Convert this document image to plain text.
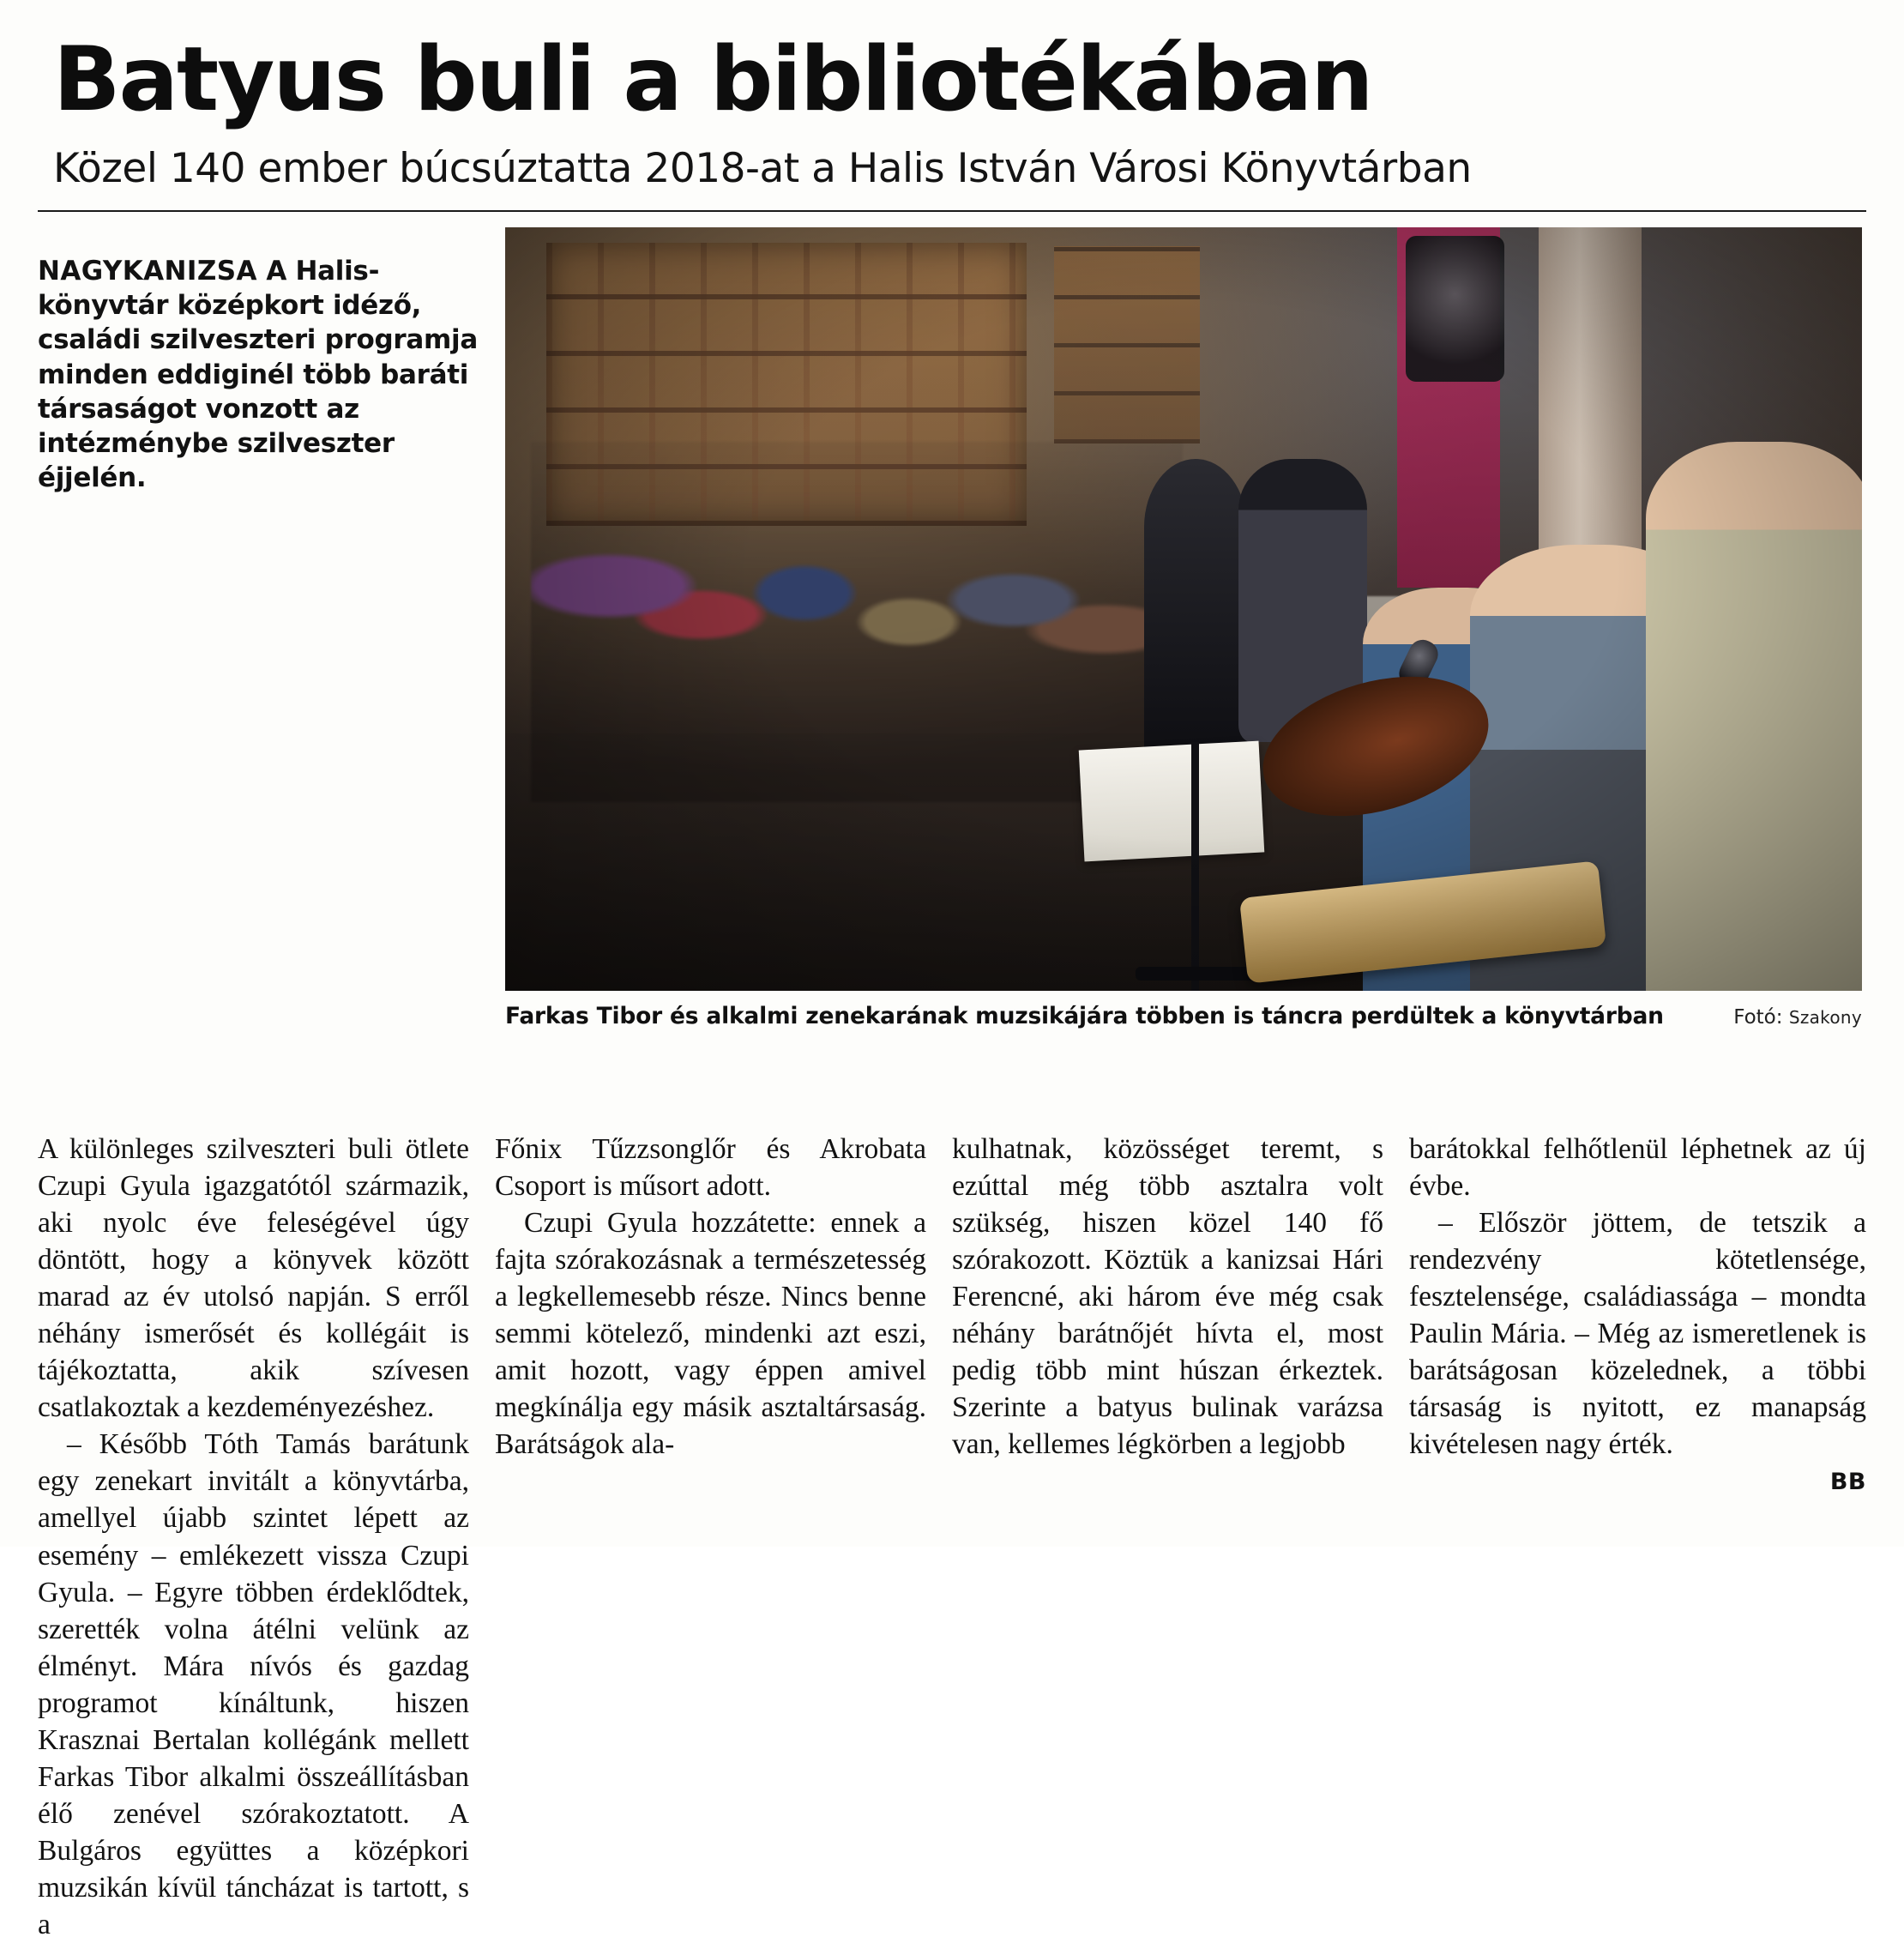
Batyus buli a bibliotékában
Közel 140 ember búcsúztatta 2018-at a Halis István Városi Könyvtárban

NAGYKANIZSA A Halis-könyvtár középkort idéző, családi szilveszteri programja minden eddiginél több baráti társaságot vonzott az intézménybe szilveszter éjjelén.

Farkas Tibor és alkalmi zenekarának muzsikájára többen is táncra perdültek a könyvtárban	Fotó: Szakony

A különleges szilveszteri buli ötlete Czupi Gyula igazgatótól származik, aki nyolc éve feleségével úgy döntött, hogy a könyvek között marad az év utolsó napján. S erről néhány ismerősét és kollégáit is tájékoztatta, akik szívesen csatlakoztak a kezdeményezéshez.

– Később Tóth Tamás barátunk egy zenekart invitált a könyvtárba, amellyel újabb szintet lépett az esemény – emlékezett vissza Czupi Gyula. – Egyre többen érdeklődtek, szerették volna átélni velünk az élményt. Mára nívós és gazdag programot kínáltunk, hiszen Krasznai Bertalan kollégánk mellett Farkas Tibor alkalmi összeállításban élő zenével szórakoztatott. A Bulgáros együttes a középkori muzsikán kívül táncházat is tartott, s a

Főnix Tűzzsonglőr és Akrobata Csoport is műsort adott.

Czupi Gyula hozzátette: ennek a fajta szórakozásnak a természetesség a legkellemesebb része. Nincs benne semmi kötelező, mindenki azt eszi, amit hozott, vagy éppen amivel megkínálja egy másik asztaltársaság. Barátságok ala-

kulhatnak, közösséget teremt, s ezúttal még több asztalra volt szükség, hiszen közel 140 fő szórakozott. Köztük a kanizsai Hári Ferencné, aki három éve még csak néhány barátnőjét hívta el, most pedig több mint húszan érkeztek. Szerinte a batyus bulinak varázsa van, kellemes légkörben a legjobb

barátokkal felhőtlenül léphetnek az új évbe.

– Először jöttem, de tetszik a rendezvény kötetlensége, fesztelensége, családiassága – mondta Paulin Mária. – Még az ismeretlenek is barátságosan közelednek, a többi társaság is nyitott, ez manapság kivételesen nagy érték.

BB
